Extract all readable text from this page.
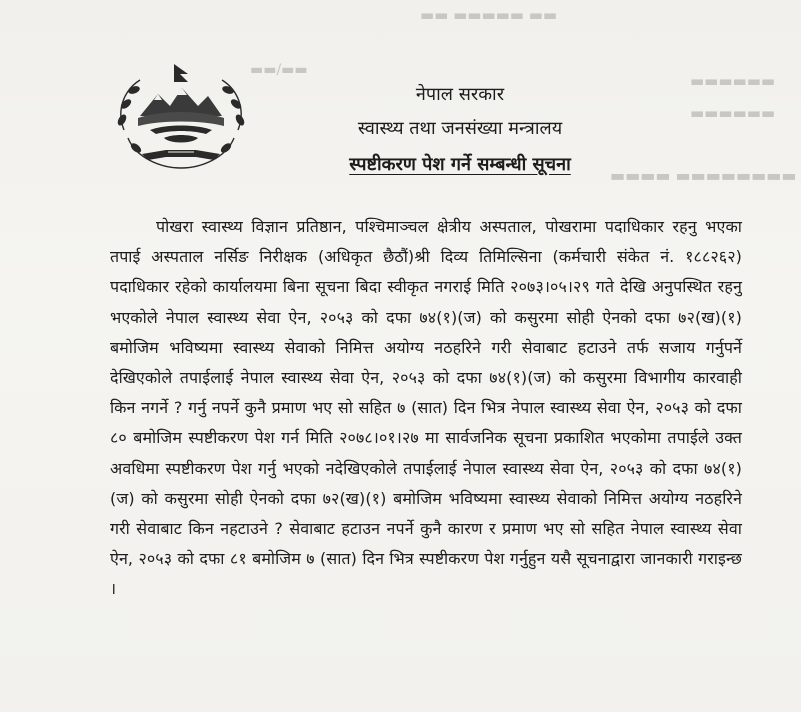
▬▬ ▬▬▬▬▬ ▬▬
▬▬▬▬▬▬
▬▬▬▬▬▬
▬▬▬▬ ▬▬▬▬▬▬▬▬
▬▬/▬▬
नेपाल सरकार
स्वास्थ्य तथा जनसंख्या मन्त्रालय
स्पष्टीकरण पेश गर्ने सम्बन्धी सूचना
पोखरा स्वास्थ्य विज्ञान प्रतिष्ठान, पश्चिमाञ्चल क्षेत्रीय अस्पताल, पोखरामा पदाधिकार रहनु भएका तपाई अस्पताल नर्सिङ निरीक्षक (अधिकृत छैठौं)श्री दिव्य तिमिल्सिना (कर्मचारी संकेत नं. १८८२६२) पदाधिकार रहेको कार्यालयमा बिना सूचना बिदा स्वीकृत नगराई मिति २०७३।०५।२९ गते देखि अनुपस्थित रहनु भएकोले नेपाल स्वास्थ्य सेवा ऐन, २०५३ को दफा ७४(१)(ज) को कसुरमा सोही ऐनको दफा ७२(ख)(१) बमोजिम भविष्यमा स्वास्थ्य सेवाको निमित्त अयोग्य नठहरिने गरी सेवाबाट हटाउने तर्फ सजाय गर्नुपर्ने देखिएकोले तपाईलाई नेपाल स्वास्थ्य सेवा ऐन, २०५३ को दफा ७४(१)(ज) को कसुरमा विभागीय कारवाही किन नगर्ने ? गर्नु नपर्ने कुनै प्रमाण भए सो सहित ७ (सात) दिन भित्र नेपाल स्वास्थ्य सेवा ऐन, २०५३ को दफा ८० बमोजिम स्पष्टीकरण पेश गर्न मिति २०७८।०१।२७ मा सार्वजनिक सूचना प्रकाशित भएकोमा तपाईले उक्त अवधिमा स्पष्टीकरण पेश गर्नु भएको नदेखिएकोले तपाईलाई नेपाल स्वास्थ्य सेवा ऐन, २०५३ को दफा ७४(१)(ज) को कसुरमा सोही ऐनको दफा ७२(ख)(१) बमोजिम भविष्यमा स्वास्थ्य सेवाको निमित्त अयोग्य नठहरिने गरी सेवाबाट किन नहटाउने ? सेवाबाट हटाउन नपर्ने कुनै कारण र प्रमाण भए सो सहित नेपाल स्वास्थ्य सेवा ऐन, २०५३ को दफा ८१ बमोजिम ७ (सात) दिन भित्र स्पष्टीकरण पेश गर्नुहुन यसै सूचनाद्वारा जानकारी गराइन्छ ।
